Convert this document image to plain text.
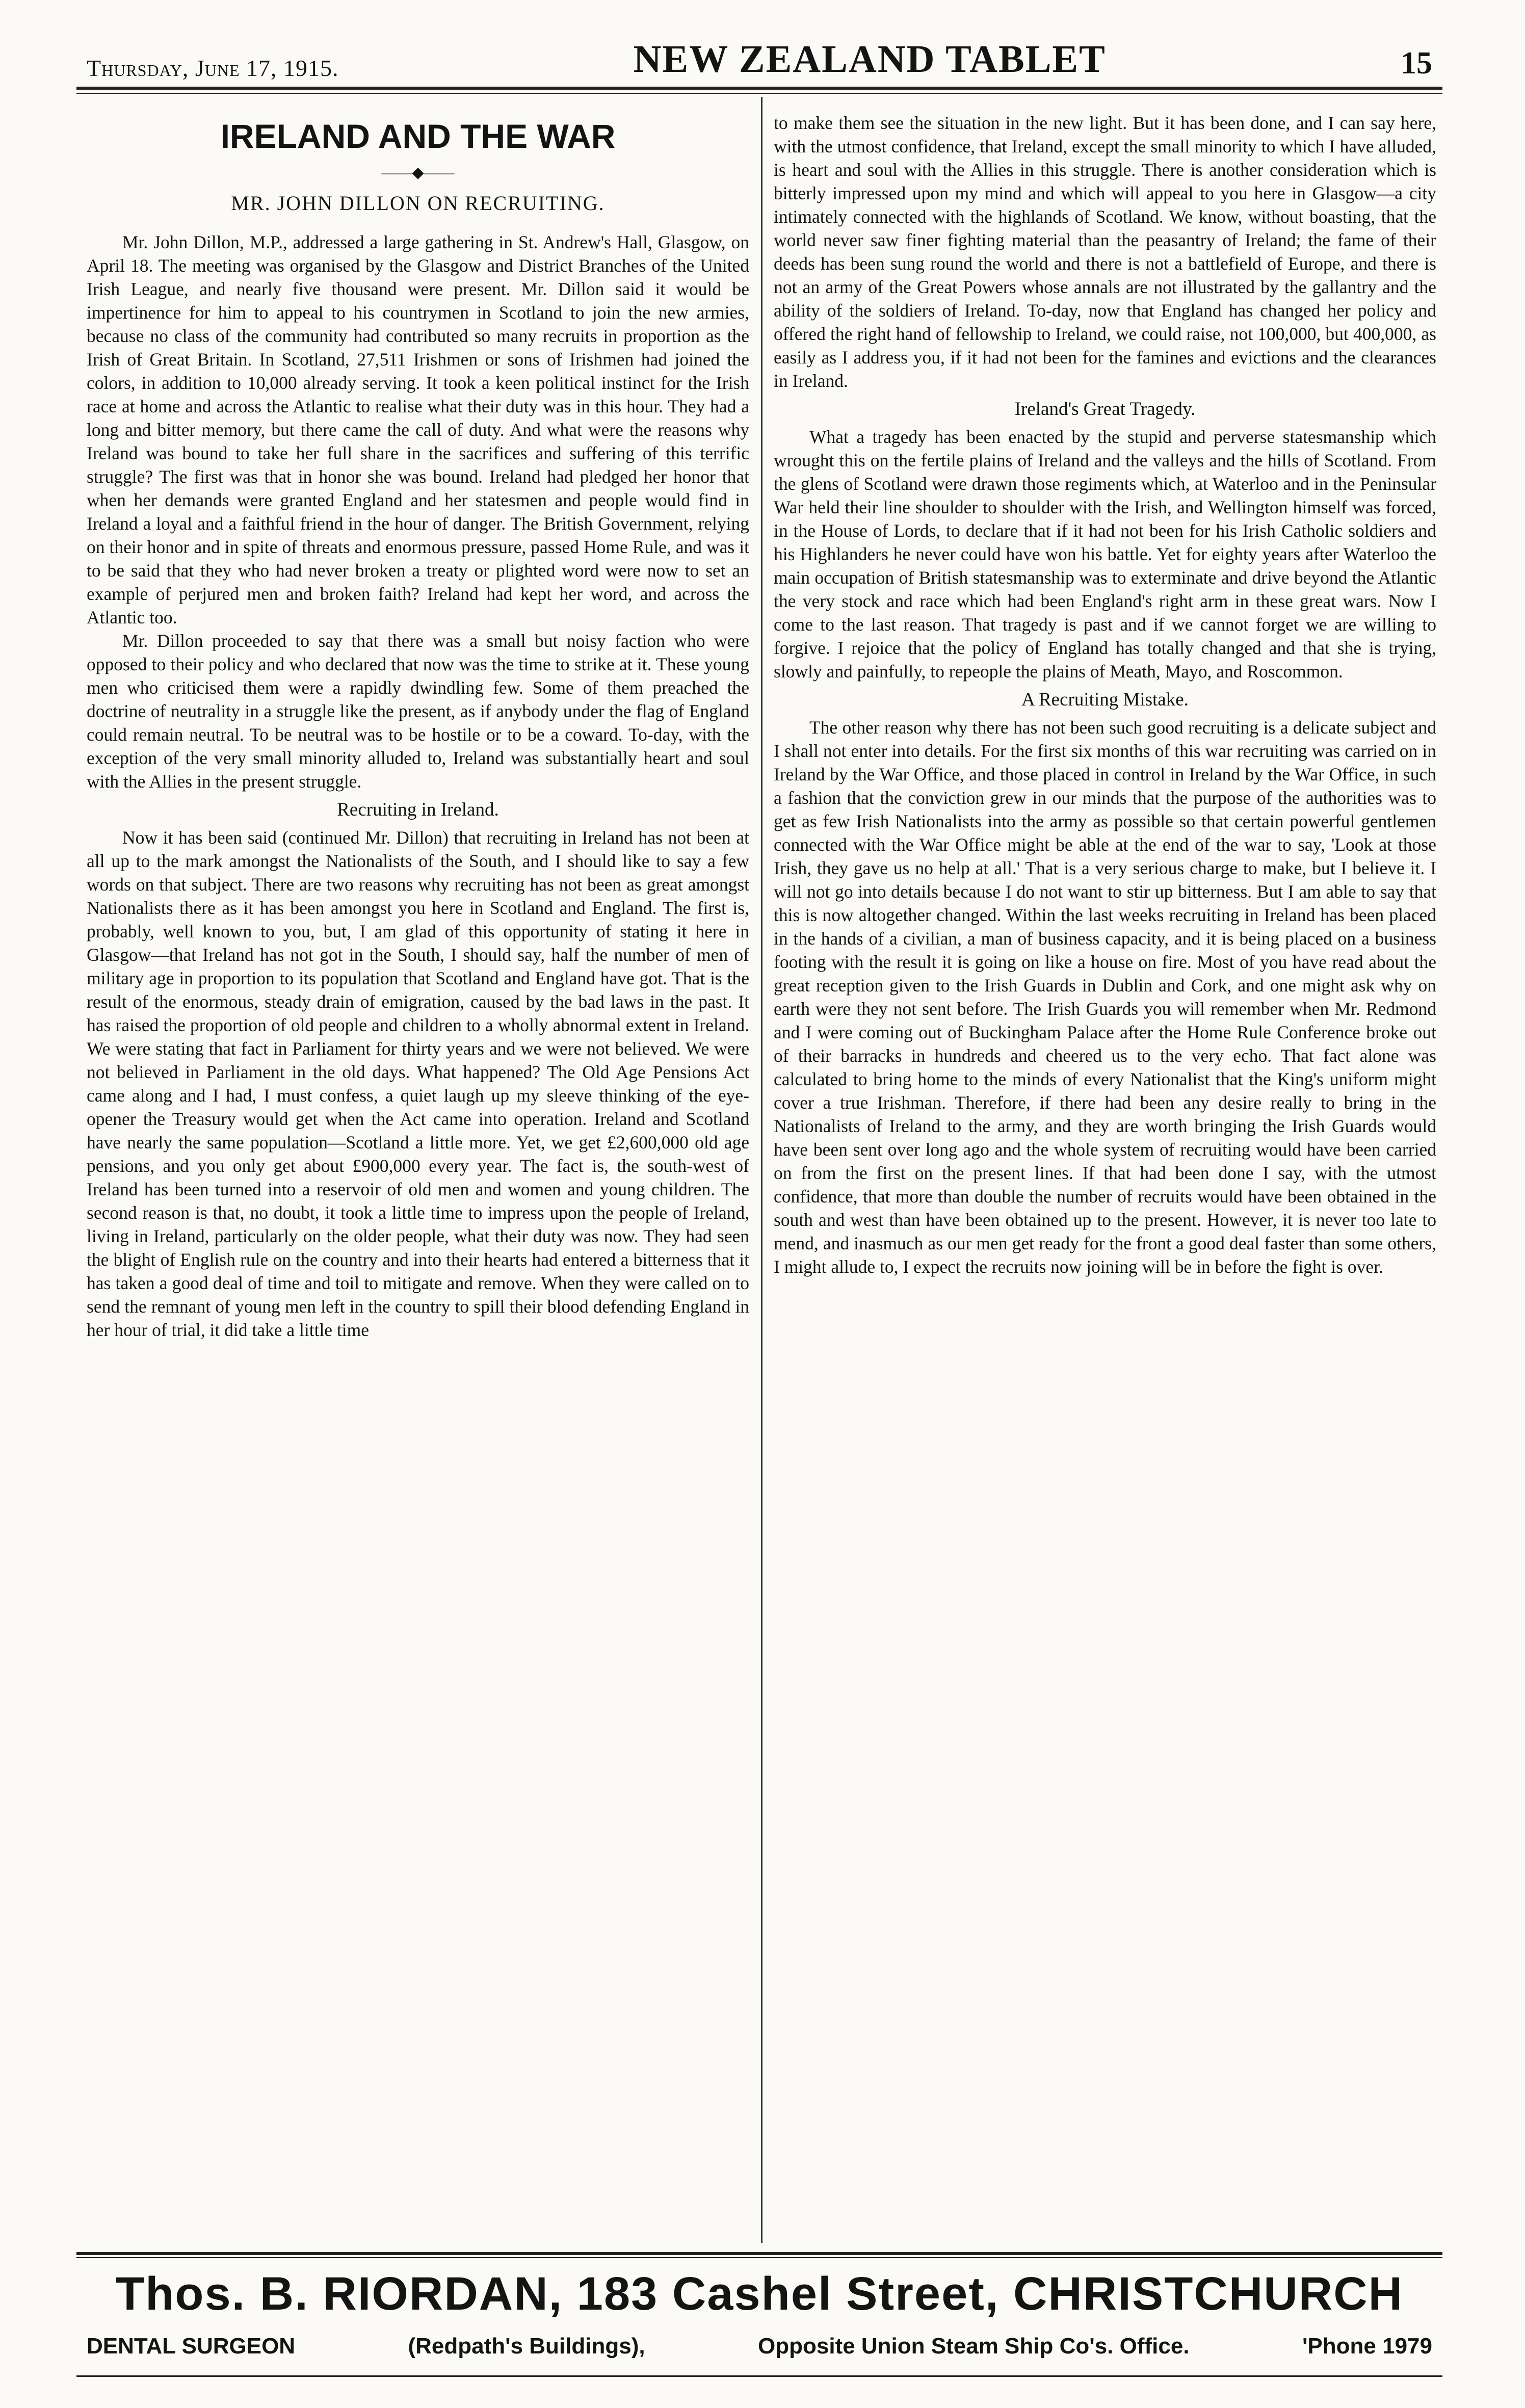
Thursday, June 17, 1915.	NEW ZEALAND TABLET	15
IRELAND AND THE WAR
——◆——
MR. JOHN DILLON ON RECRUITING.

Mr. John Dillon, M.P., addressed a large gathering in St. Andrew's Hall, Glasgow, on April 18. The meeting was organised by the Glasgow and District Branches of the United Irish League, and nearly five thousand were present. Mr. Dillon said it would be impertinence for him to appeal to his countrymen in Scotland to join the new armies, because no class of the community had contributed so many recruits in proportion as the Irish of Great Britain. In Scotland, 27,511 Irishmen or sons of Irishmen had joined the colors, in addition to 10,000 already serving. It took a keen political instinct for the Irish race at home and across the Atlantic to realise what their duty was in this hour. They had a long and bitter memory, but there came the call of duty. And what were the reasons why Ireland was bound to take her full share in the sacrifices and suffering of this terrific struggle? The first was that in honor she was bound. Ireland had pledged her honor that when her demands were granted England and her statesmen and people would find in Ireland a loyal and a faithful friend in the hour of danger. The British Government, relying on their honor and in spite of threats and enormous pressure, passed Home Rule, and was it to be said that they who had never broken a treaty or plighted word were now to set an example of perjured men and broken faith? Ireland had kept her word, and across the Atlantic too.

Mr. Dillon proceeded to say that there was a small but noisy faction who were opposed to their policy and who declared that now was the time to strike at it. These young men who criticised them were a rapidly dwindling few. Some of them preached the doctrine of neutrality in a struggle like the present, as if anybody under the flag of England could remain neutral. To be neutral was to be hostile or to be a coward. To-day, with the exception of the very small minority alluded to, Ireland was substantially heart and soul with the Allies in the present struggle.

Recruiting in Ireland.

Now it has been said (continued Mr. Dillon) that recruiting in Ireland has not been at all up to the mark amongst the Nationalists of the South, and I should like to say a few words on that subject. There are two reasons why recruiting has not been as great amongst Nationalists there as it has been amongst you here in Scotland and England. The first is, probably, well known to you, but, I am glad of this opportunity of stating it here in Glasgow—that Ireland has not got in the South, I should say, half the number of men of military age in proportion to its population that Scotland and England have got. That is the result of the enormous, steady drain of emigration, caused by the bad laws in the past. It has raised the proportion of old people and children to a wholly abnormal extent in Ireland. We were stating that fact in Parliament for thirty years and we were not believed. We were not believed in Parliament in the old days. What happened? The Old Age Pensions Act came along and I had, I must confess, a quiet laugh up my sleeve thinking of the eye-opener the Treasury would get when the Act came into operation. Ireland and Scotland have nearly the same population—Scotland a little more. Yet, we get £2,600,000 old age pensions, and you only get about £900,000 every year. The fact is, the south-west of Ireland has been turned into a reservoir of old men and women and young children. The second reason is that, no doubt, it took a little time to impress upon the people of Ireland, living in Ireland, particularly on the older people, what their duty was now. They had seen the blight of English rule on the country and into their hearts had entered a bitterness that it has taken a good deal of time and toil to mitigate and remove. When they were called on to send the remnant of young men left in the country to spill their blood defending England in her hour of trial, it did take a little time

to make them see the situation in the new light. But it has been done, and I can say here, with the utmost confidence, that Ireland, except the small minority to which I have alluded, is heart and soul with the Allies in this struggle. There is another consideration which is bitterly impressed upon my mind and which will appeal to you here in Glasgow—a city intimately connected with the highlands of Scotland. We know, without boasting, that the world never saw finer fighting material than the peasantry of Ireland; the fame of their deeds has been sung round the world and there is not a battlefield of Europe, and there is not an army of the Great Powers whose annals are not illustrated by the gallantry and the ability of the soldiers of Ireland. To-day, now that England has changed her policy and offered the right hand of fellowship to Ireland, we could raise, not 100,000, but 400,000, as easily as I address you, if it had not been for the famines and evictions and the clearances in Ireland.

Ireland's Great Tragedy.

What a tragedy has been enacted by the stupid and perverse statesmanship which wrought this on the fertile plains of Ireland and the valleys and the hills of Scotland. From the glens of Scotland were drawn those regiments which, at Waterloo and in the Peninsular War held their line shoulder to shoulder with the Irish, and Wellington himself was forced, in the House of Lords, to declare that if it had not been for his Irish Catholic soldiers and his Highlanders he never could have won his battle. Yet for eighty years after Waterloo the main occupation of British statesmanship was to exterminate and drive beyond the Atlantic the very stock and race which had been England's right arm in these great wars. Now I come to the last reason. That tragedy is past and if we cannot forget we are willing to forgive. I rejoice that the policy of England has totally changed and that she is trying, slowly and painfully, to repeople the plains of Meath, Mayo, and Roscommon.

A Recruiting Mistake.

The other reason why there has not been such good recruiting is a delicate subject and I shall not enter into details. For the first six months of this war recruiting was carried on in Ireland by the War Office, and those placed in control in Ireland by the War Office, in such a fashion that the conviction grew in our minds that the purpose of the authorities was to get as few Irish Nationalists into the army as possible so that certain powerful gentlemen connected with the War Office might be able at the end of the war to say, 'Look at those Irish, they gave us no help at all.' That is a very serious charge to make, but I believe it. I will not go into details because I do not want to stir up bitterness. But I am able to say that this is now altogether changed. Within the last weeks recruiting in Ireland has been placed in the hands of a civilian, a man of business capacity, and it is being placed on a business footing with the result it is going on like a house on fire. Most of you have read about the great reception given to the Irish Guards in Dublin and Cork, and one might ask why on earth were they not sent before. The Irish Guards you will remember when Mr. Redmond and I were coming out of Buckingham Palace after the Home Rule Conference broke out of their barracks in hundreds and cheered us to the very echo. That fact alone was calculated to bring home to the minds of every Nationalist that the King's uniform might cover a true Irishman. Therefore, if there had been any desire really to bring in the Nationalists of Ireland to the army, and they are worth bringing the Irish Guards would have been sent over long ago and the whole system of recruiting would have been carried on from the first on the present lines. If that had been done I say, with the utmost confidence, that more than double the number of recruits would have been obtained in the south and west than have been obtained up to the present. However, it is never too late to mend, and inasmuch as our men get ready for the front a good deal faster than some others, I might allude to, I expect the recruits now joining will be in before the fight is over.

Thos. B. RIORDAN, 183 Cashel Street, CHRISTCHURCH
DENTAL SURGEON	(Redpath's Buildings),	Opposite Union Steam Ship Co's. Office.	'Phone 1979
